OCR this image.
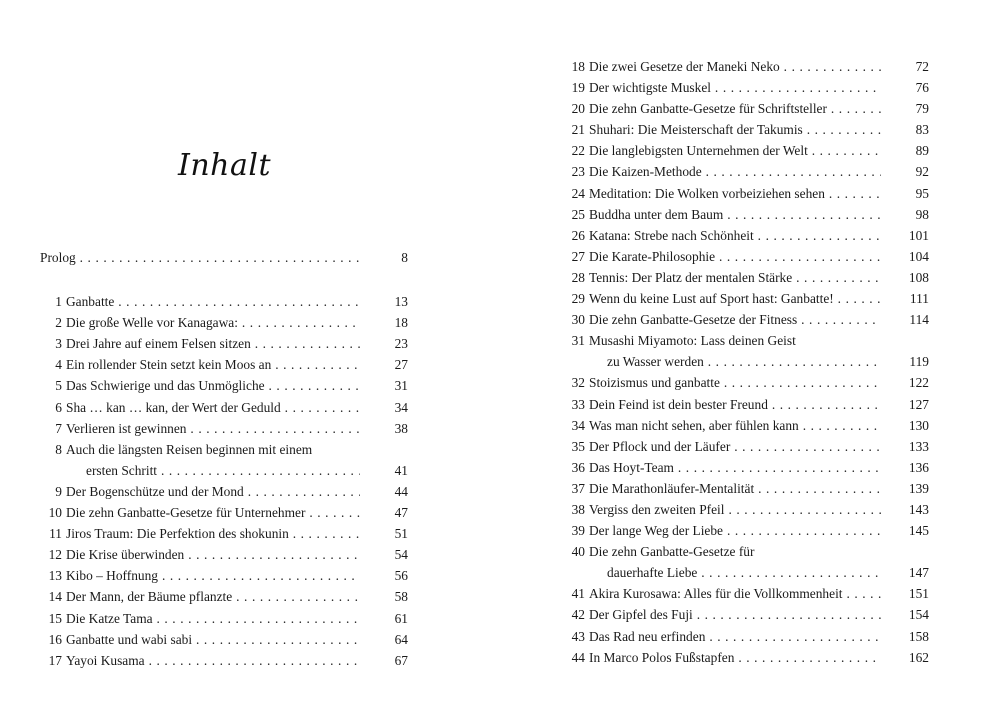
Inhalt
Prolog . . .	8
1 Ganbatte . . .	13
2 Die große Welle vor Kanagawa: . . .	18
3 Drei Jahre auf einem Felsen sitzen . . .	23
4 Ein rollender Stein setzt kein Moos an . . .	27
5 Das Schwierige und das Unmögliche . . .	31
6 Sha … kan … kan, der Wert der Geduld . . .	34
7 Verlieren ist gewinnen . . .	38
8 Auch die längsten Reisen beginnen mit einem
ersten Schritt . . .	41
9 Der Bogenschütze und der Mond . . .	44
10 Die zehn Ganbatte-Gesetze für Unternehmer . . .	47
11 Jiros Traum: Die Perfektion des shokunin . . .	51
12 Die Krise überwinden . . .	54
13 Kibo – Hoffnung . . .	56
14 Der Mann, der Bäume pflanzte . . .	58
15 Die Katze Tama . . .	61
16 Ganbatte und wabi sabi . . .	64
17 Yayoi Kusama . . .	67
18 Die zwei Gesetze der Maneki Neko . . .	72
19 Der wichtigste Muskel . . .	76
20 Die zehn Ganbatte-Gesetze für Schriftsteller . . .	79
21 Shuhari: Die Meisterschaft der Takumis . . .	83
22 Die langlebigsten Unternehmen der Welt . . .	89
23 Die Kaizen-Methode . . .	92
24 Meditation: Die Wolken vorbeiziehen sehen . . .	95
25 Buddha unter dem Baum . . .	98
26 Katana: Strebe nach Schönheit . . .	101
27 Die Karate-Philosophie . . .	104
28 Tennis: Der Platz der mentalen Stärke . . .	108
29 Wenn du keine Lust auf Sport hast: Ganbatte! . . .	111
30 Die zehn Ganbatte-Gesetze der Fitness . . .	114
31 Musashi Miyamoto: Lass deinen Geist
zu Wasser werden . . .	119
32 Stoizismus und ganbatte . . .	122
33 Dein Feind ist dein bester Freund . . .	127
34 Was man nicht sehen, aber fühlen kann . . .	130
35 Der Pflock und der Läufer . . .	133
36 Das Hoyt-Team . . .	136
37 Die Marathonläufer-Mentalität . . .	139
38 Vergiss den zweiten Pfeil . . .	143
39 Der lange Weg der Liebe . . .	145
40 Die zehn Ganbatte-Gesetze für
dauerhafte Liebe . . .	147
41 Akira Kurosawa: Alles für die Vollkommenheit . . .	151
42 Der Gipfel des Fuji . . .	154
43 Das Rad neu erfinden . . .	158
44 In Marco Polos Fußstapfen . . .	162
